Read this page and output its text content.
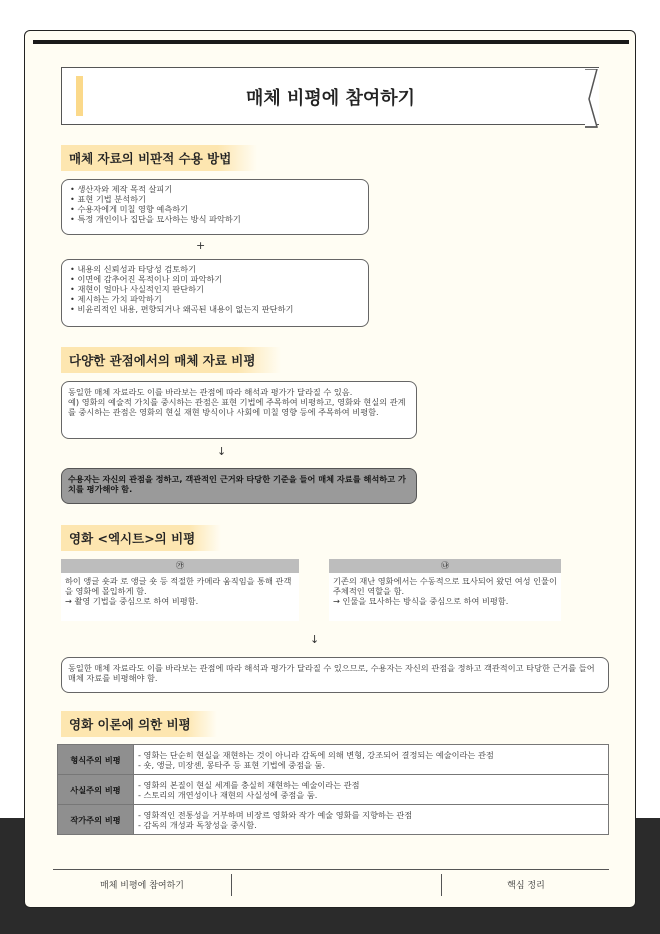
매체 비평에 참여하기
매체 자료의 비판적 수용 방법
• 생산자와 제작 목적 살피기
• 표현 기법 분석하기
• 수용자에게 미칠 영향 예측하기
• 특정 개인이나 집단을 묘사하는 방식 파악하기
+
• 내용의 신뢰성과 타당성 검토하기
• 이면에 감추어진 목적이나 의미 파악하기
• 재현이 얼마나 사실적인지 판단하기
• 제시하는 가치 파악하기
• 비윤리적인 내용, 편향되거나 왜곡된 내용이 없는지 판단하기
다양한 관점에서의 매체 자료 비평
동일한 매체 자료라도 이를 바라보는 관점에 따라 해석과 평가가 달라질 수 있음.
예) 영화의 예술적 가치를 중시하는 관점은 표현 기법에 주목하여 비평하고, 영화와 현실의 관계를 중시하는 관점은 영화의 현실 재현 방식이나 사회에 미칠 영향 등에 주목하여 비평함.
↓
수용자는 자신의 관점을 정하고, 객관적인 근거와 타당한 기준을 들어 매체 자료를 해석하고 가치를 평가해야 함.
영화 <엑시트>의 비평
㉮
하이 앵글 숏과 로 앵글 숏 등 적절한 카메라 움직임을 통해 관객을 영화에 몰입하게 함.
→ 촬영 기법을 중심으로 하여 비평함.
㉯
기존의 재난 영화에서는 수동적으로 묘사되어 왔던 여성 인물이 주체적인 역할을 함.
→ 인물을 묘사하는 방식을 중심으로 하여 비평함.
↓
동일한 매체 자료라도 이를 바라보는 관점에 따라 해석과 평가가 달라질 수 있으므로, 수용자는 자신의 관점을 정하고 객관적이고 타당한 근거를 들어 매체 자료를 비평해야 함.
영화 이론에 의한 비평
형식주의 비평	- 영화는 단순히 현실을 재현하는 것이 아니라 감독에 의해 변형, 강조되어 결정되는 예술이라는 관점
- 숏, 앵글, 미장센, 몽타주 등 표현 기법에 중점을 둠.
사실주의 비평	- 영화의 본질이 현실 세계를 충실히 재현하는 예술이라는 관점
- 스토리의 개연성이나 재현의 사실성에 중점을 둠.
작가주의 비평	- 영화적인 전통성을 거부하며 비장르 영화와 작가 예술 영화를 지향하는 관점
- 감독의 개성과 독창성을 중시함.
매체 비평에 참여하기	핵심 정리
